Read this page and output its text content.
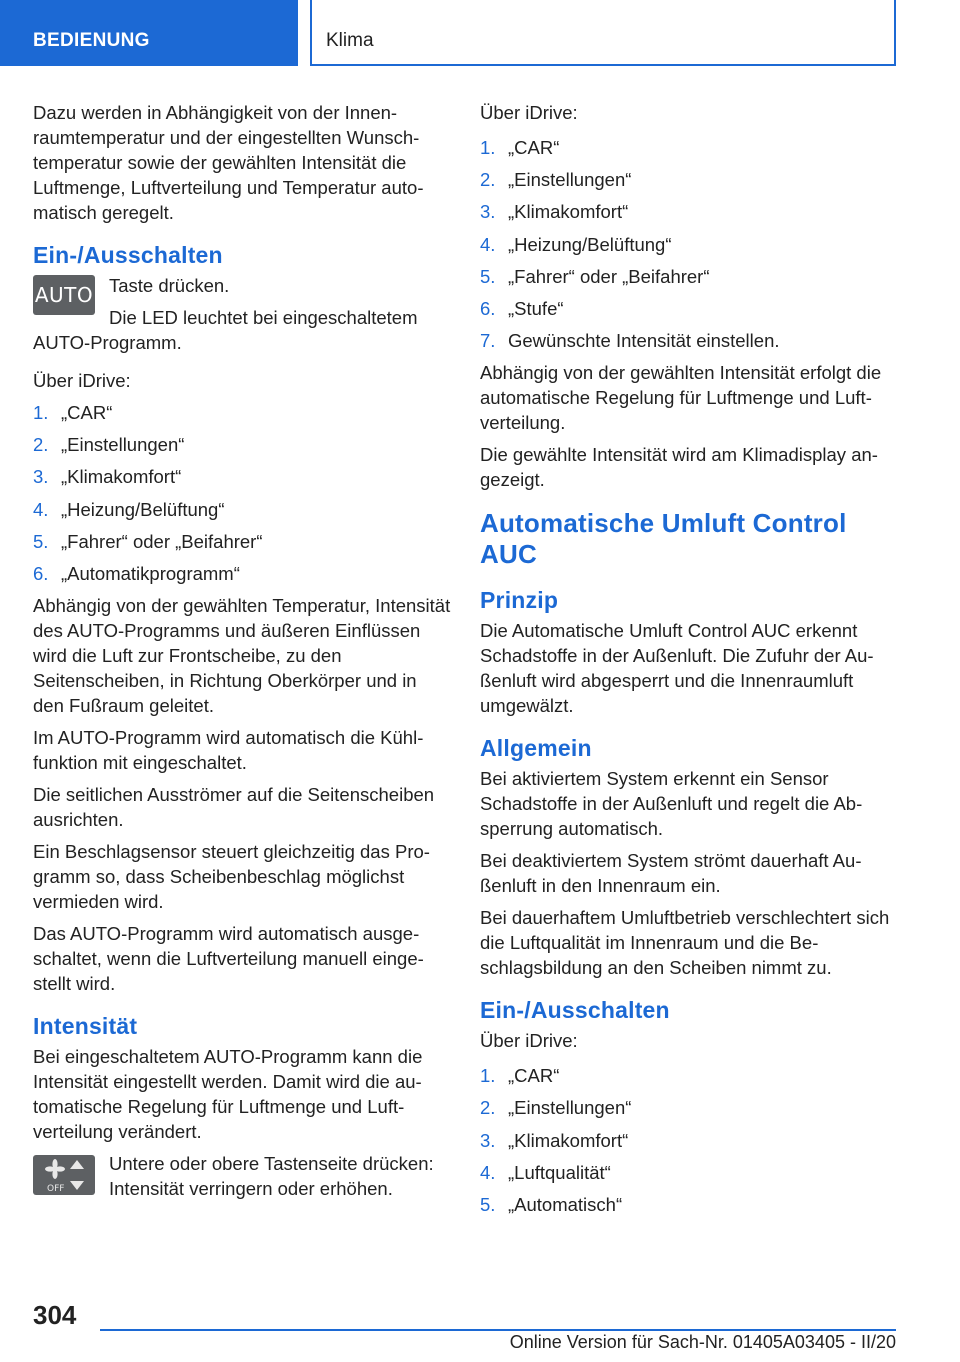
BEDIENUNG	Klima

Dazu werden in Abhängigkeit von der Innenraumtemperatur und der eingestellten Wunschtemperatur sowie der gewählten Intensität die Luftmenge, Luftverteilung und Temperatur automatisch geregelt.

Ein-/Ausschalten
AUTO Taste drücken.

Die LED leuchtet bei eingeschaltetem AUTO-Programm.

Über iDrive:

1. „CAR“
2. „Einstellungen“
3. „Klimakomfort“
4. „Heizung/Belüftung“
5. „Fahrer“ oder „Beifahrer“
6. „Automatikprogramm“

Abhängig von der gewählten Temperatur, Intensität des AUTO-Programms und äußeren Einflüssen wird die Luft zur Frontscheibe, zu den Seitenscheiben, in Richtung Oberkörper und in den Fußraum geleitet.

Im AUTO-Programm wird automatisch die Kühlfunktion mit eingeschaltet.

Die seitlichen Ausströmer auf die Seitenscheiben ausrichten.

Ein Beschlagsensor steuert gleichzeitig das Programm so, dass Scheibenbeschlag möglichst vermieden wird.

Das AUTO-Programm wird automatisch ausgeschaltet, wenn die Luftverteilung manuell eingestellt wird.

Intensität

Bei eingeschaltetem AUTO-Programm kann die Intensität eingestellt werden. Damit wird die automatische Regelung für Luftmenge und Luftverteilung verändert.

OFF

Untere oder obere Tastenseite drücken: Intensität verringern oder erhöhen.

Über iDrive:

1. „CAR“
2. „Einstellungen“
3. „Klimakomfort“
4. „Heizung/Belüftung“
5. „Fahrer“ oder „Beifahrer“
6. „Stufe“
7. Gewünschte Intensität einstellen.

Abhängig von der gewählten Intensität erfolgt die automatische Regelung für Luftmenge und Luftverteilung.

Die gewählte Intensität wird am Klimadisplay angezeigt.

Automatische Umluft Control AUC
Prinzip

Die Automatische Umluft Control AUC erkennt Schadstoffe in der Außenluft. Die Zufuhr der Außenluft wird abgesperrt und die Innenraumluft umgewälzt.

Allgemein

Bei aktiviertem System erkennt ein Sensor Schadstoffe in der Außenluft und regelt die Absperrung automatisch.

Bei deaktiviertem System strömt dauerhaft Außenluft in den Innenraum ein.

Bei dauerhaftem Umluftbetrieb verschlechtert sich die Luftqualität im Innenraum und die Beschlagsbildung an den Scheiben nimmt zu.

Ein-/Ausschalten

Über iDrive:

1. „CAR“
2. „Einstellungen“
3. „Klimakomfort“
4. „Luftqualität“
5. „Automatisch“
304
Online Version für Sach-Nr. 01405A03405 - II/20
